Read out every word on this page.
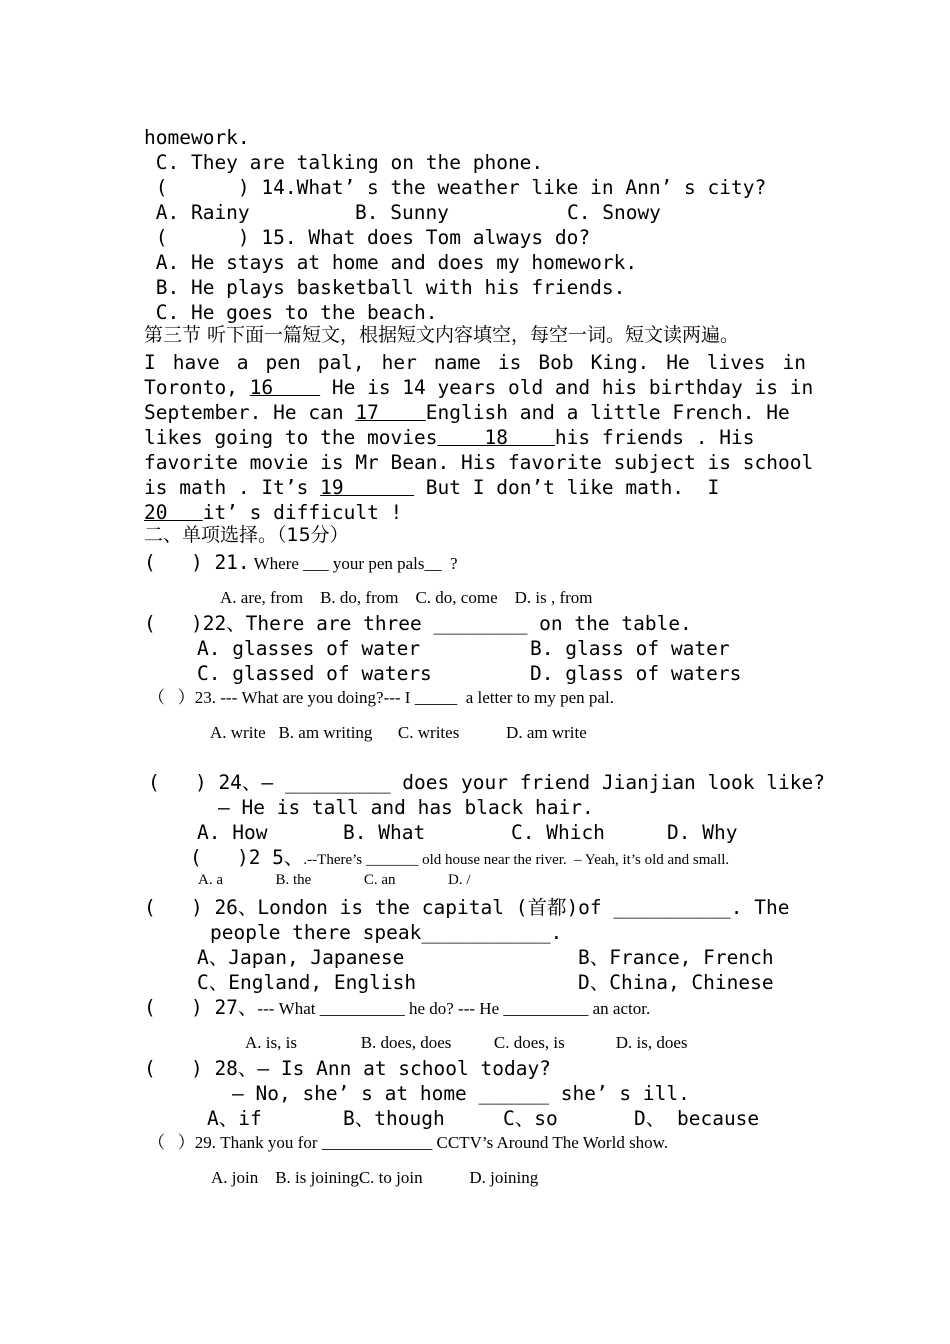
homework.
C. They are talking on the phone.
(      ) 14.What’ s the weather like in Ann’ s city?
A. Rainy	B. Sunny	C. Snowy
(      ) 15. What does Tom always do?
A. He stays at home and does my homework.
B. He plays basketball with his friends.
C. He goes to the beach.
第三节 听下面一篇短文，根据短文内容填空，每空一词。短文读两遍。
I have a pen pal, her name is Bob King. He lives in
Toronto, 16     He is 14 years old and his birthday is in
September. He can 17    English and a little French. He
likes going to the movies    18    his friends . His
favorite movie is Mr Bean. His favorite subject is school
is math . It’s 19       But I don’t like math.  I
20   it’ s difficult !
二、单项选择。（15分）
(   ) 21. Where ___ your pen pals__  ?
A. are, from    B. do, from    C. do, come    D. is , from
(   )22、There are three ________ on the table.
A. glasses of water	B. glass of water
C. glassed of waters	D. glass of waters
（   ）23. --- What are you doing?--- I _____  a letter to my pen pal.
A. write   B. am writing      C. writes           D. am write
(   ) 24、— _________ does your friend Jianjian look like?
— He is tall and has black hair.
A. How	B. What	C. Which	D. Why
(   )2 5、.--There’s _______ old house near the river.  – Yeah, it’s old and small.
A. a              B. the              C. an              D. /
(   ) 26、London is the capital (首都)of __________. The
people there speak___________.
A、Japan, Japanese	B、France, French
C、England, English	D、China, Chinese
(   ) 27、--- What __________ he do? --- He __________ an actor.
A. is, is               B. does, does          C. does, is            D. is, does
(   ) 28、— Is Ann at school today?
— No, she’ s at home ______ she’ s ill.
A、if	B、though	C、so	D、 because
（   ）29. Thank you for _____________ CCTV’s Around The World show.
A. join    B. is joiningC. to join           D. joining
